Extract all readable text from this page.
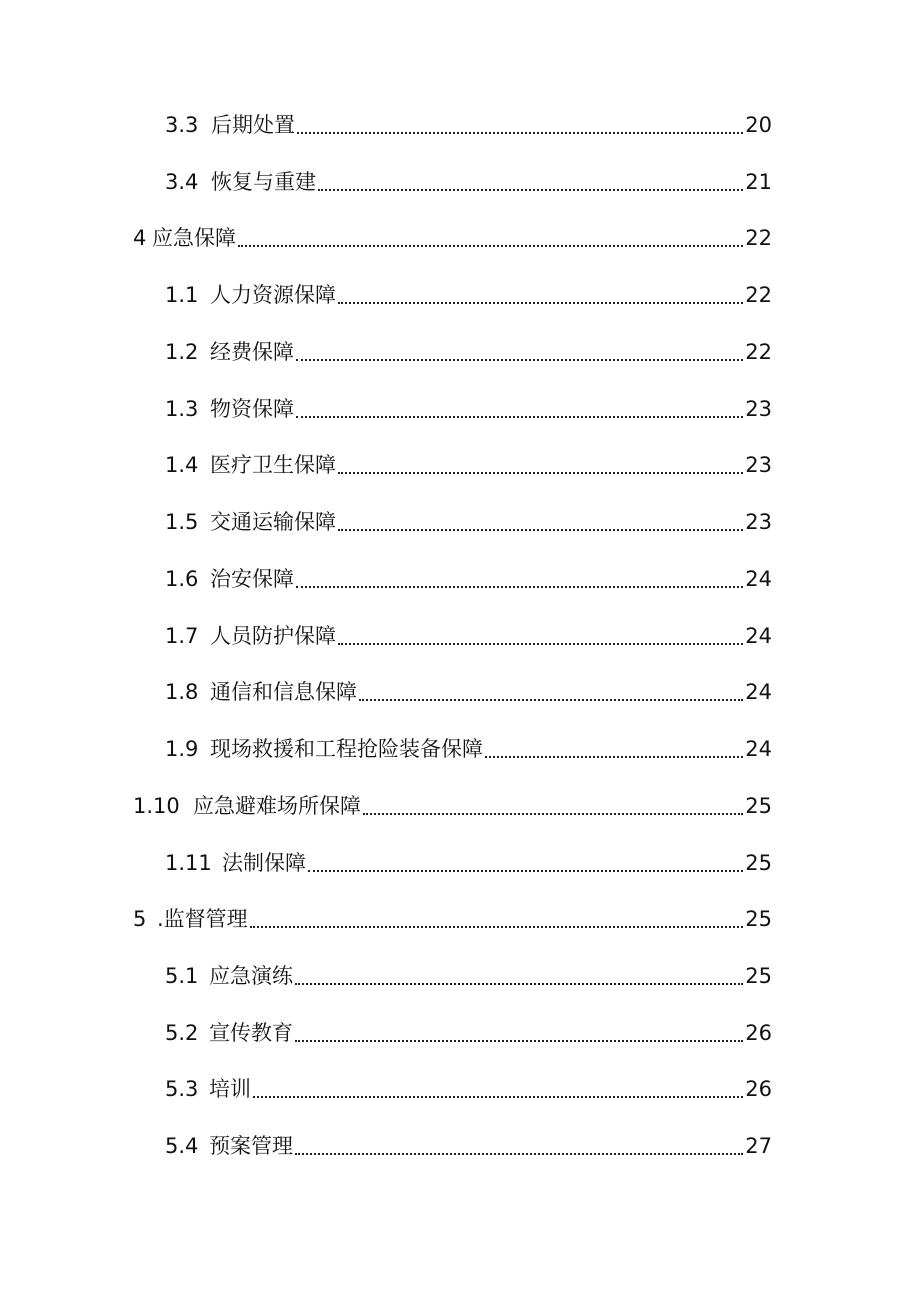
3.3 后期处置	20
3.4 恢复与重建	21
4 应急保障	22
1.1 人力资源保障	22
1.2 经费保障	22
1.3 物资保障	23
1.4 医疗卫生保障	23
1.5 交通运输保障	23
1.6 治安保障	24
1.7 人员防护保障	24
1.8 通信和信息保障	24
1.9 现场救援和工程抢险装备保障	24
1.10 应急避难场所保障	25
1.11 法制保障	25
5 .监督管理	25
5.1 应急演练	25
5.2 宣传教育	26
5.3 培训	26
5.4 预案管理	27
